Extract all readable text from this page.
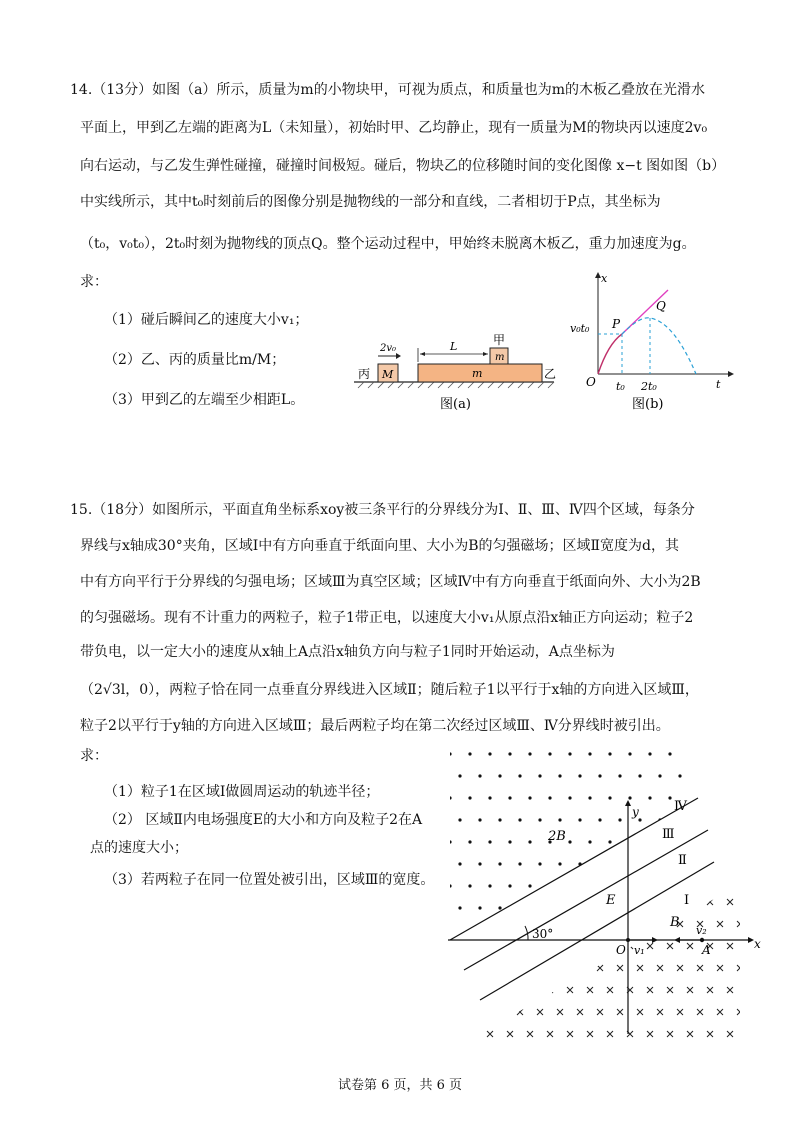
14.（13分）如图（a）所示，质量为m的小物块甲，可视为质点，和质量也为m的木板乙叠放在光滑水
平面上，甲到乙左端的距离为L（未知量），初始时甲、乙均静止，现有一质量为M的物块丙以速度2v₀
向右运动，与乙发生弹性碰撞，碰撞时间极短。碰后，物块乙的位移随时间的变化图像 x−t 图如图（b）
中实线所示，其中t₀时刻前后的图像分别是抛物线的一部分和直线，二者相切于P点，其坐标为
（t₀，v₀t₀），2t₀时刻为抛物线的顶点Q。整个运动过程中，甲始终未脱离木板乙，重力加速度为g。
求：
（1）碰后瞬间乙的速度大小v₁；
（2）乙、丙的质量比m/M；
（3）甲到乙的左端至少相距L。
M
丙
2v₀
m	乙
m
甲
L
图(a)
x
t
O
v₀t₀ P
Q
t₀ 2t₀
图(b)
15.（18分）如图所示，平面直角坐标系xoy被三条平行的分界线分为Ⅰ、Ⅱ、Ⅲ、Ⅳ四个区域，每条分
界线与x轴成30°夹角，区域Ⅰ中有方向垂直于纸面向里、大小为B的匀强磁场；区域Ⅱ宽度为d，其
中有方向平行于分界线的匀强电场；区域Ⅲ为真空区域；区域Ⅳ中有方向垂直于纸面向外、大小为2B
的匀强磁场。现有不计重力的两粒子，粒子1带正电，以速度大小v₁从原点沿x轴正方向运动；粒子2
带负电，以一定大小的速度从x轴上A点沿x轴负方向与粒子1同时开始运动，A点坐标为
（2√3l，0），两粒子恰在同一点垂直分界线进入区域Ⅱ；随后粒子1以平行于x轴的方向进入区域Ⅲ，
粒子2以平行于y轴的方向进入区域Ⅲ；最后两粒子均在第二次经过区域Ⅲ、Ⅳ分界线时被引出。
求：
（1）粒子1在区域Ⅰ做圆周运动的轨迹半径；
（2） 区域Ⅱ内电场强度E的大小和方向及粒子2在A
点的速度大小；
（3）若两粒子在同一位置处被引出，区域Ⅲ的宽度。
Ⅳ
Ⅲ
Ⅱ
Ⅰ
2B
B
E
30°
O	A	x
y
v₁
v₂
试卷第 6 页，共 6 页
